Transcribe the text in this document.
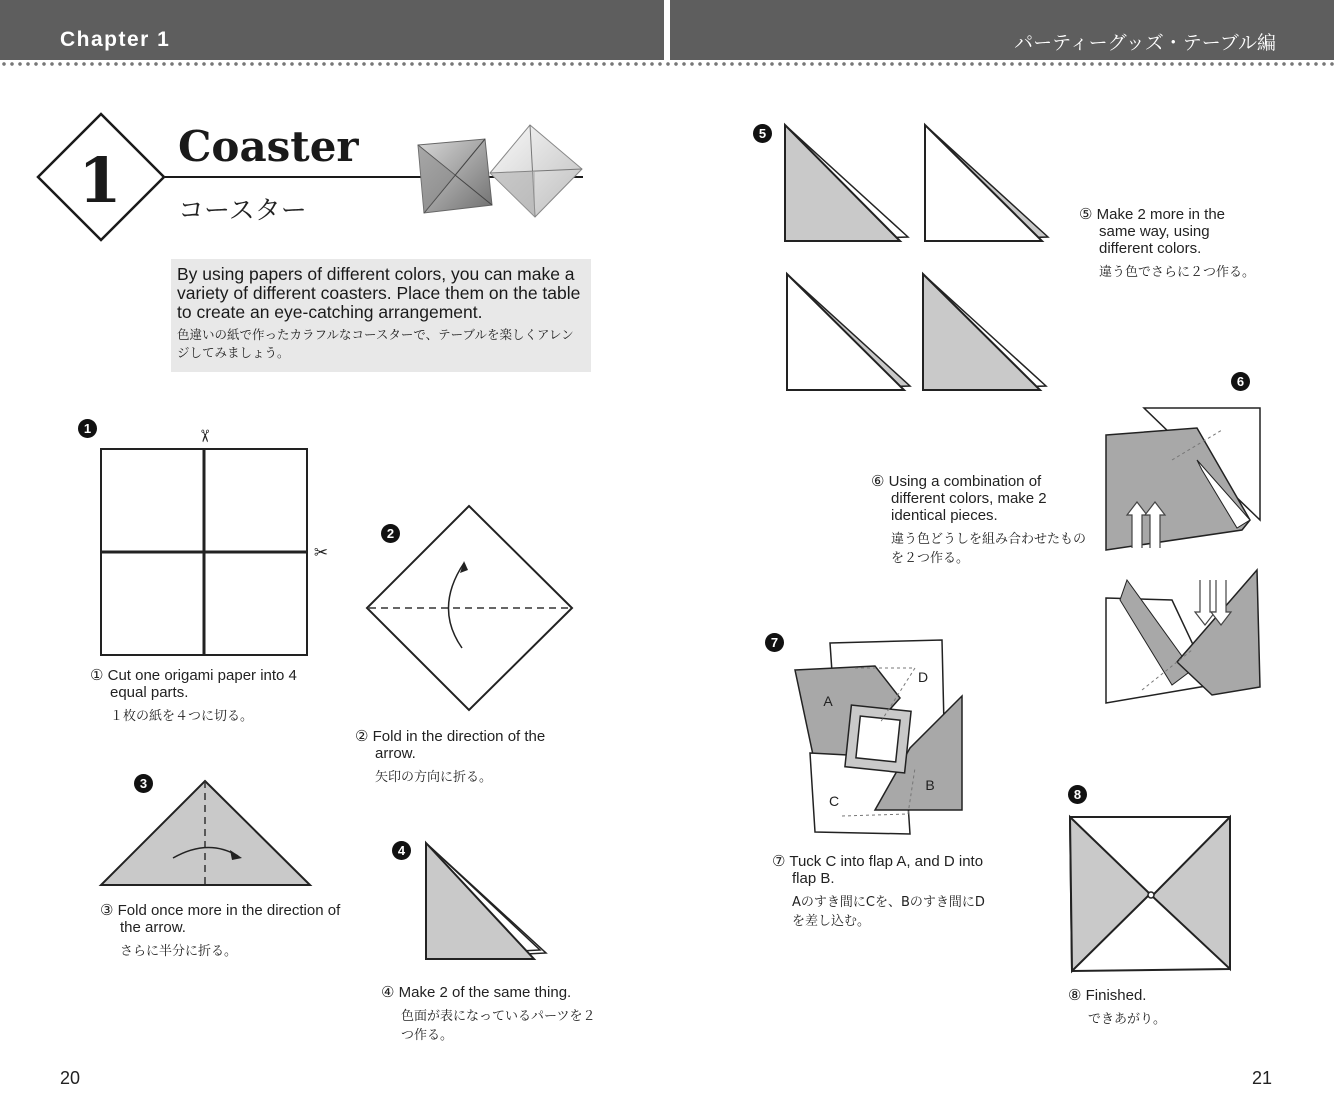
Chapter 1	パーティーグッズ・テーブル編
1 Coaster
コースター
By using papers of different colors, you can make a variety of different coasters. Place them on the table to create an eye-catching arrangement.
色違いの紙で作ったカラフルなコースターで、テーブルを楽しくアレンジしてみましょう。
1
2
3
4
5
6
7
8
✂
✂
A
B
C
D
① Cut one origami paper into 4 equal parts.
１枚の紙を４つに切る。
② Fold in the direction of the arrow.
矢印の方向に折る。
③ Fold once more in the direction of the arrow.
さらに半分に折る。
④ Make 2 of the same thing.
色面が表になっているパーツを２つ作る。
⑤ Make 2 more in the same way, using different colors.
違う色でさらに２つ作る。
⑥ Using a combination of different colors, make 2 identical pieces.
違う色どうしを組み合わせたものを２つ作る。
⑦ Tuck C into flap A, and D into flap B.
Aのすき間にCを、Bのすき間にDを差し込む。
⑧ Finished.
できあがり。
20	21
